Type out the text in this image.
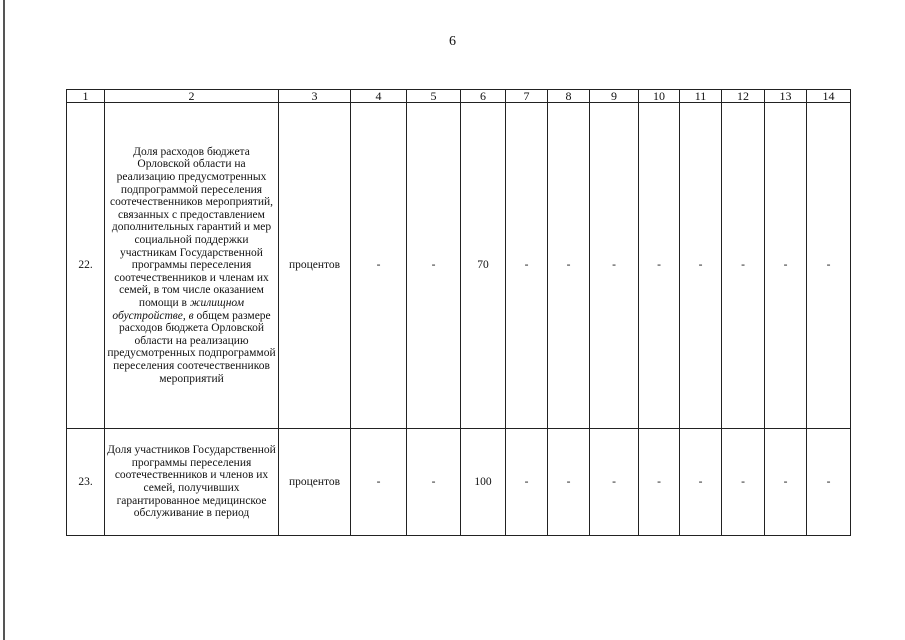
6
1	2	3	4	5	6	7	8	9	10	11	12	13	14
22.	Доля расходов бюджета Орловской области на реализацию предусмотренных подпрограммой переселения соотечественников мероприятий, связанных с предоставлением дополнительных гарантий и мер социальной поддержки участникам Государственной программы переселения соотечественников и членам их семей, в том числе оказанием помощи в жилищном обустройстве, в общем размере расходов бюджета Орловской области на реализацию предусмотренных подпрограммой переселения соотечественников мероприятий	процентов	-	-	70	-	-	-	-	-	-	-	-
23.	Доля участников Государственной программы переселения соотечественников и членов их семей, получивших гарантированное медицинское обслуживание в период	процентов	-	-	100	-	-	-	-	-	-	-	-
